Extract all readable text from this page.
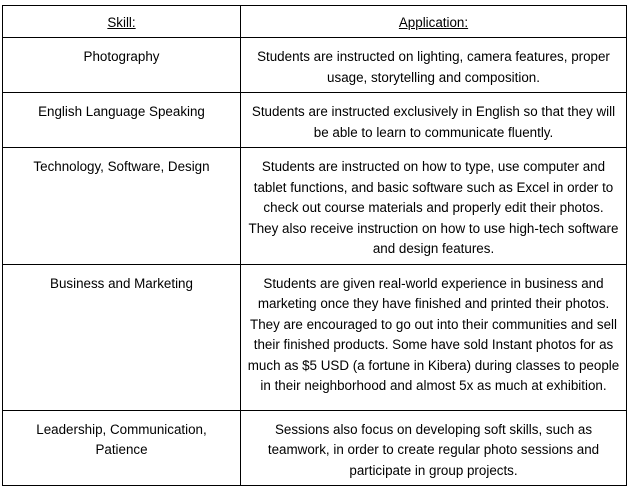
Skill:	Application:
Photography	Students are instructed on lighting, camera features, proper usage, storytelling and composition.
English Language Speaking	Students are instructed exclusively in English so that they will be able to learn to communicate fluently.
Technology, Software, Design	Students are instructed on how to type, use computer and tablet functions, and basic software such as Excel in order to check out course materials and properly edit their photos. They also receive instruction on how to use high-tech software and design features.
Business and Marketing	Students are given real-world experience in business and marketing once they have finished and printed their photos. They are encouraged to go out into their communities and sell their finished products. Some have sold Instant photos for as much as $5 USD (a fortune in Kibera) during classes to people in their neighborhood and almost 5x as much at exhibition.
Leadership, Communication, Patience	Sessions also focus on developing soft skills, such as teamwork, in order to create regular photo sessions and participate in group projects.
